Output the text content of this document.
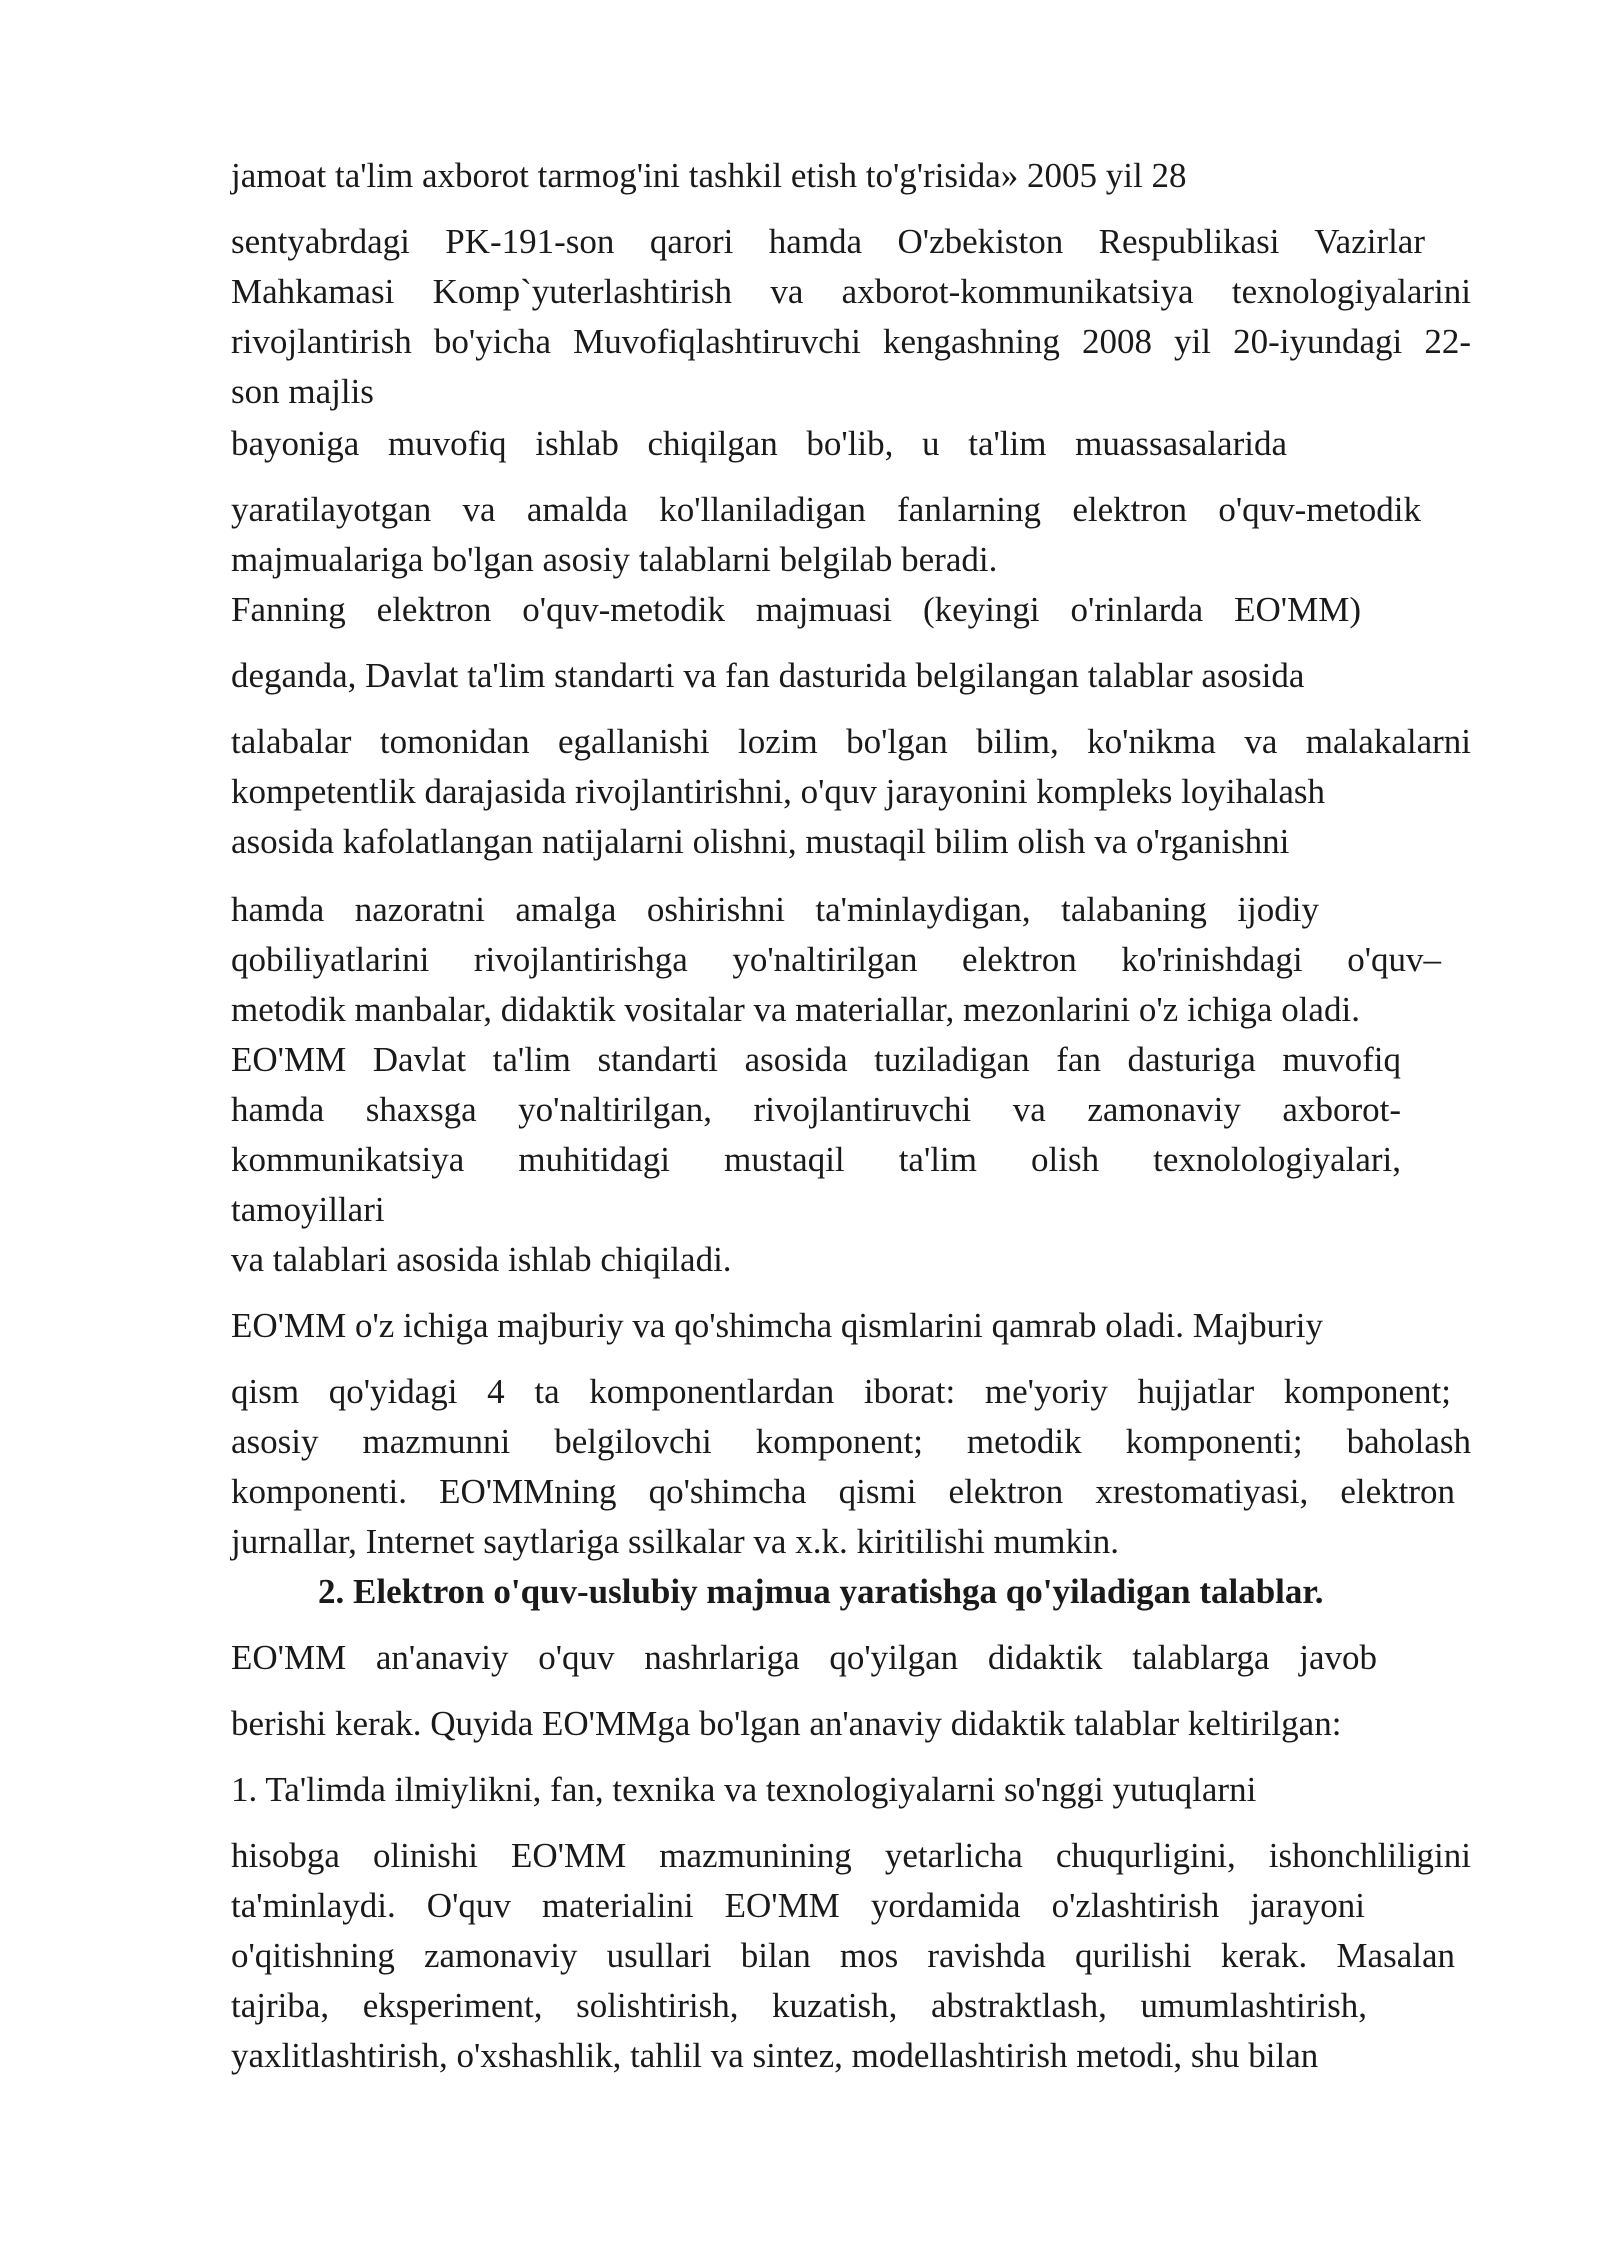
jamoat ta'lim axborot tarmog'ini tashkil etish to'g'risida» 2005 yil 28
sentyabrdagi PK-191-son qarori hamda O'zbekiston Respublikasi Vazirlar
Mahkamasi Komp`yuterlashtirish va axborot-kommunikatsiya texnologiyalarini
rivojlantirish bo'yicha Muvofiqlashtiruvchi kengashning 2008 yil 20-iyundagi 22-
son majlis
bayoniga muvofiq ishlab chiqilgan bo'lib, u ta'lim muassasalarida
yaratilayotgan va amalda ko'llaniladigan fanlarning elektron o'quv-metodik
majmualariga bo'lgan asosiy talablarni belgilab beradi.
Fanning elektron o'quv-metodik majmuasi (keyingi o'rinlarda EO'MM)
deganda, Davlat ta'lim standarti va fan dasturida belgilangan talablar asosida
talabalar tomonidan egallanishi lozim bo'lgan bilim, ko'nikma va malakalarni
kompetentlik darajasida rivojlantirishni, o'quv jarayonini kompleks loyihalash
asosida kafolatlangan natijalarni olishni, mustaqil bilim olish va o'rganishni
hamda nazoratni amalga oshirishni ta'minlaydigan, talabaning ijodiy
qobiliyatlarini rivojlantirishga yo'naltirilgan elektron ko'rinishdagi o'quv–
metodik manbalar, didaktik vositalar va materiallar, mezonlarini o'z ichiga oladi.
EO'MM Davlat ta'lim standarti asosida tuziladigan fan dasturiga muvofiq
hamda shaxsga yo'naltirilgan, rivojlantiruvchi va zamonaviy axborot-
kommunikatsiya muhitidagi mustaqil ta'lim olish texnolologiyalari,
tamoyillari
va talablari asosida ishlab chiqiladi.
EO'MM o'z ichiga majburiy va qo'shimcha qismlarini qamrab oladi. Majburiy
qism qo'yidagi 4 ta komponentlardan iborat: me'yoriy hujjatlar komponent;
asosiy mazmunni belgilovchi komponent; metodik komponenti; baholash
komponenti. EO'MMning qo'shimcha qismi elektron xrestomatiyasi, elektron
jurnallar, Internet saytlariga ssilkalar va x.k. kiritilishi mumkin.
2. Elektron o'quv-uslubiy majmua yaratishga qo'yiladigan talablar.
EO'MM an'anaviy o'quv nashrlariga qo'yilgan didaktik talablarga javob
berishi kerak. Quyida EO'MMga bo'lgan an'anaviy didaktik talablar keltirilgan:
1. Ta'limda ilmiylikni, fan, texnika va texnologiyalarni so'nggi yutuqlarni
hisobga olinishi EO'MM mazmunining yetarlicha chuqurligini, ishonchliligini
ta'minlaydi. O'quv materialini EO'MM yordamida o'zlashtirish jarayoni
o'qitishning zamonaviy usullari bilan mos ravishda qurilishi kerak. Masalan
tajriba, eksperiment, solishtirish, kuzatish, abstraktlash, umumlashtirish,
yaxlitlashtirish, o'xshashlik, tahlil va sintez, modellashtirish metodi, shu bilan
